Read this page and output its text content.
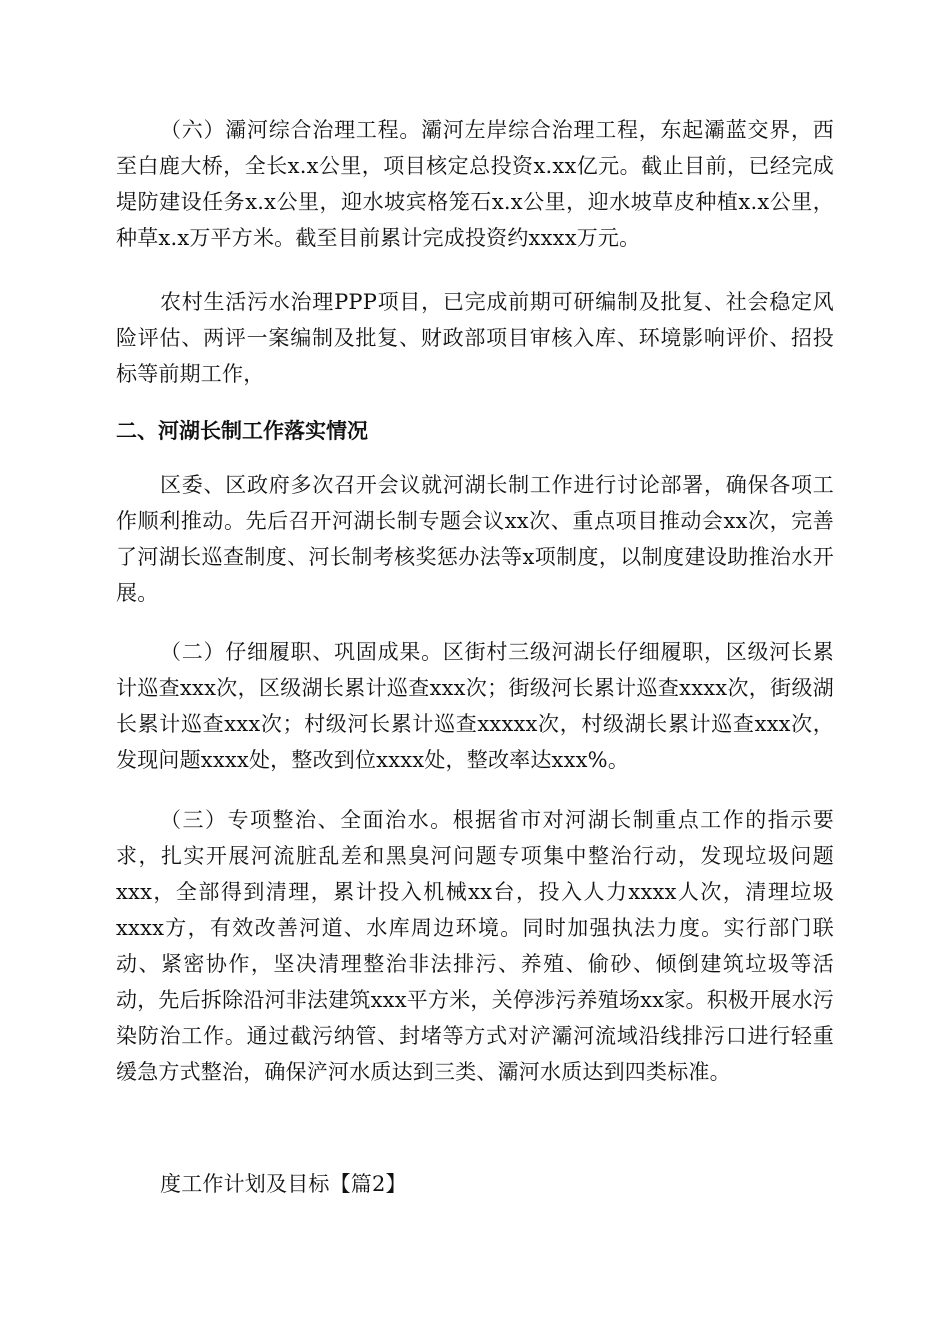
（六）灞河综合治理工程。灞河左岸综合治理工程，东起灞蓝交界，西至白鹿大桥，全长x.x公里，项目核定总投资x.xx亿元。截止目前，已经完成堤防建设任务x.x公里，迎水坡宾格笼石x.x公里，迎水坡草皮种植x.x公里，种草x.x万平方米。截至目前累计完成投资约xxxx万元。

农村生活污水治理PPP项目，已完成前期可研编制及批复、社会稳定风险评估、两评一案编制及批复、财政部项目审核入库、环境影响评价、招投标等前期工作，

二、河湖长制工作落实情况

区委、区政府多次召开会议就河湖长制工作进行讨论部署，确保各项工作顺利推动。先后召开河湖长制专题会议xx次、重点项目推动会xx次，完善了河湖长巡查制度、河长制考核奖惩办法等x项制度，以制度建设助推治水开展。

（二）仔细履职、巩固成果。区街村三级河湖长仔细履职，区级河长累计巡查xxx次，区级湖长累计巡查xxx次；街级河长累计巡查xxxx次，街级湖长累计巡查xxx次；村级河长累计巡查xxxxx次，村级湖长累计巡查xxx次，发现问题xxxx处，整改到位xxxx处，整改率达xxx%。

（三）专项整治、全面治水。根据省市对河湖长制重点工作的指示要求，扎实开展河流脏乱差和黑臭河问题专项集中整治行动，发现垃圾问题xxx，全部得到清理，累计投入机械xx台，投入人力xxxx人次，清理垃圾xxxx方，有效改善河道、水库周边环境。同时加强执法力度。实行部门联动、紧密协作，坚决清理整治非法排污、养殖、偷砂、倾倒建筑垃圾等活动，先后拆除沿河非法建筑xxx平方米，关停涉污养殖场xx家。积极开展水污染防治工作。通过截污纳管、封堵等方式对浐灞河流域沿线排污口进行轻重缓急方式整治，确保浐河水质达到三类、灞河水质达到四类标准。

度工作计划及目标【篇2】
